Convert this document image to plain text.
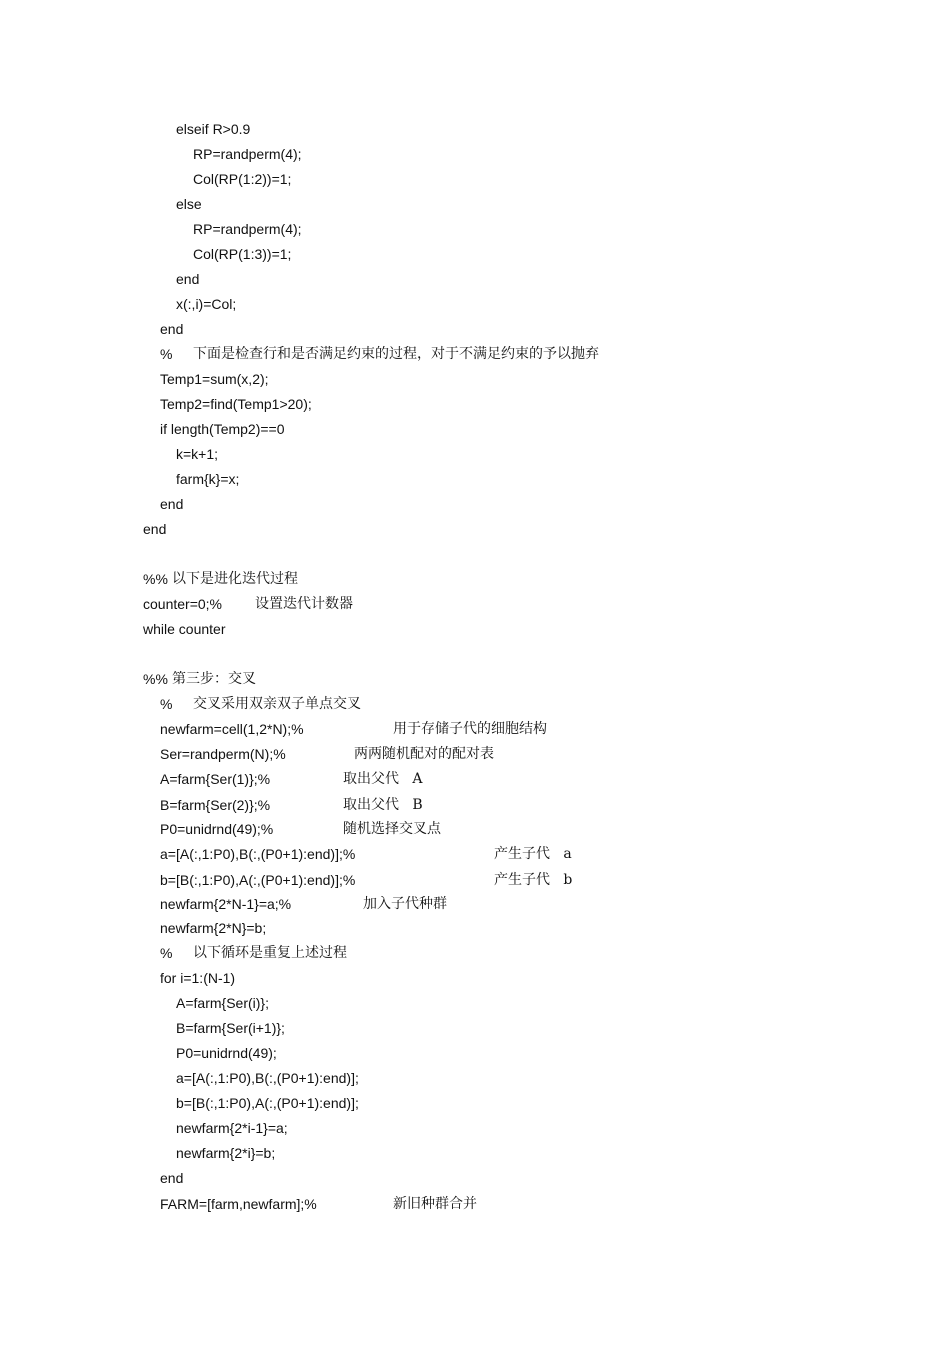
elseif R>0.9
RP=randperm(4);
Col(RP(1:2))=1;
else
RP=randperm(4);
Col(RP(1:3))=1;
end
x(:,i)=Col;
end
% 下面是检查行和是否满足约束的过程，对于不满足约束的予以抛弃
Temp1=sum(x,2);
Temp2=find(Temp1>20);
if length(Temp2)==0
k=k+1;
farm{k}=x;
end
end
%% 以下是进化迭代过程
counter=0;% 设置迭代计数器
while counter
%% 第三步：交叉
% 交叉采用双亲双子单点交叉
newfarm=cell(1,2*N);%	用于存储子代的细胞结构
Ser=randperm(N);%	两两随机配对的配对表
A=farm{Ser(1)};%	取出父代   A
B=farm{Ser(2)};%	取出父代   B
P0=unidrnd(49);%	随机选择交叉点
a=[A(:,1:P0),B(:,(P0+1):end)];%	产生子代   a
b=[B(:,1:P0),A(:,(P0+1):end)];%	产生子代   b
newfarm{2*N-1}=a;%	加入子代种群
newfarm{2*N}=b;
% 以下循环是重复上述过程
for i=1:(N-1)
A=farm{Ser(i)};
B=farm{Ser(i+1)};
P0=unidrnd(49);
a=[A(:,1:P0),B(:,(P0+1):end)];
b=[B(:,1:P0),A(:,(P0+1):end)];
newfarm{2*i-1}=a;
newfarm{2*i}=b;
end
FARM=[farm,newfarm];%	新旧种群合并
